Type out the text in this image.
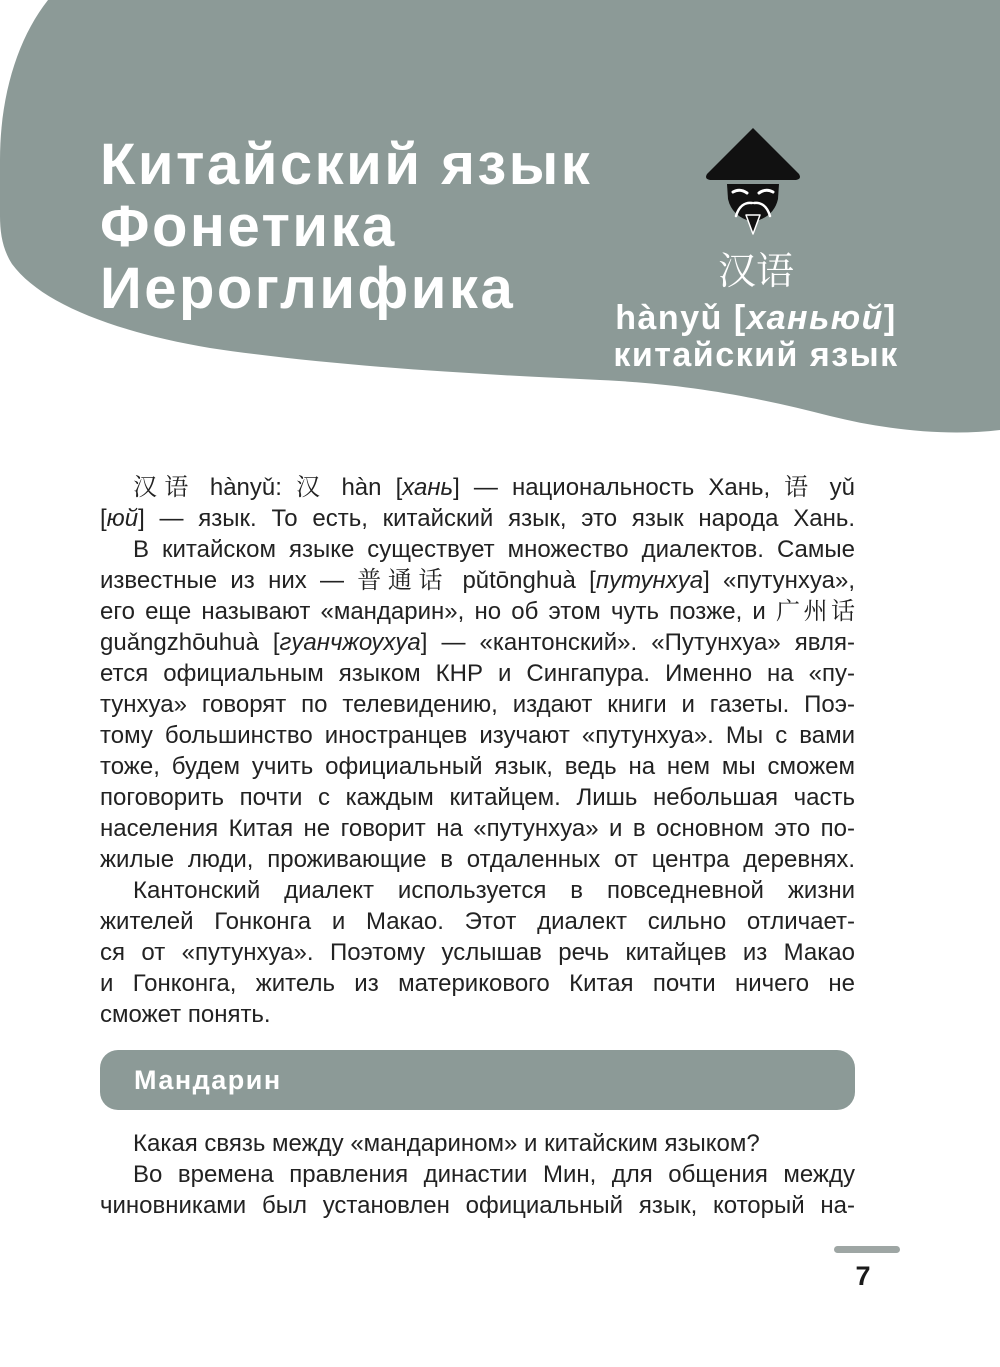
Китайский язык
Фонетика
Иероглифика	汉语
hànyǔ [ханьюй]
китайский язык
汉语 hànyǔ: 汉 hàn [хань] — национальность Хань, 语 yǔ
[юй] — язык. То есть, китайский язык, это язык народа Хань.
В китайском языке существует множество диалектов. Самые
известные из них — 普通话 pǔtōnghuà [путунхуа] «путунхуа»,
его еще называют «мандарин», но об этом чуть позже, и 广州话
guǎngzhōuhuà [гуанчжоухуа] — «кантонский». «Путунхуа» явля-
ется официальным языком КНР и Сингапура. Именно на «пу-
тунхуа» говорят по телевидению, издают книги и газеты. Поэ-
тому большинство иностранцев изучают «путунхуа». Мы с вами
тоже, будем учить официальный язык, ведь на нем мы сможем
поговорить почти с каждым китайцем. Лишь небольшая часть
населения Китая не говорит на «путунхуа» и в основном это по-
жилые люди, проживающие в отдаленных от центра деревнях.
Кантонский диалект используется в повседневной жизни
жителей Гонконга и Макао. Этот диалект сильно отличает-
ся от «путунхуа». Поэтому услышав речь китайцев из Макао
и Гонконга, житель из материкового Китая почти ничего не
сможет понять.
Мандарин
Какая связь между «мандарином» и китайским языком?
Во времена правления династии Мин, для общения между
чиновниками был установлен официальный язык, который на-
7
